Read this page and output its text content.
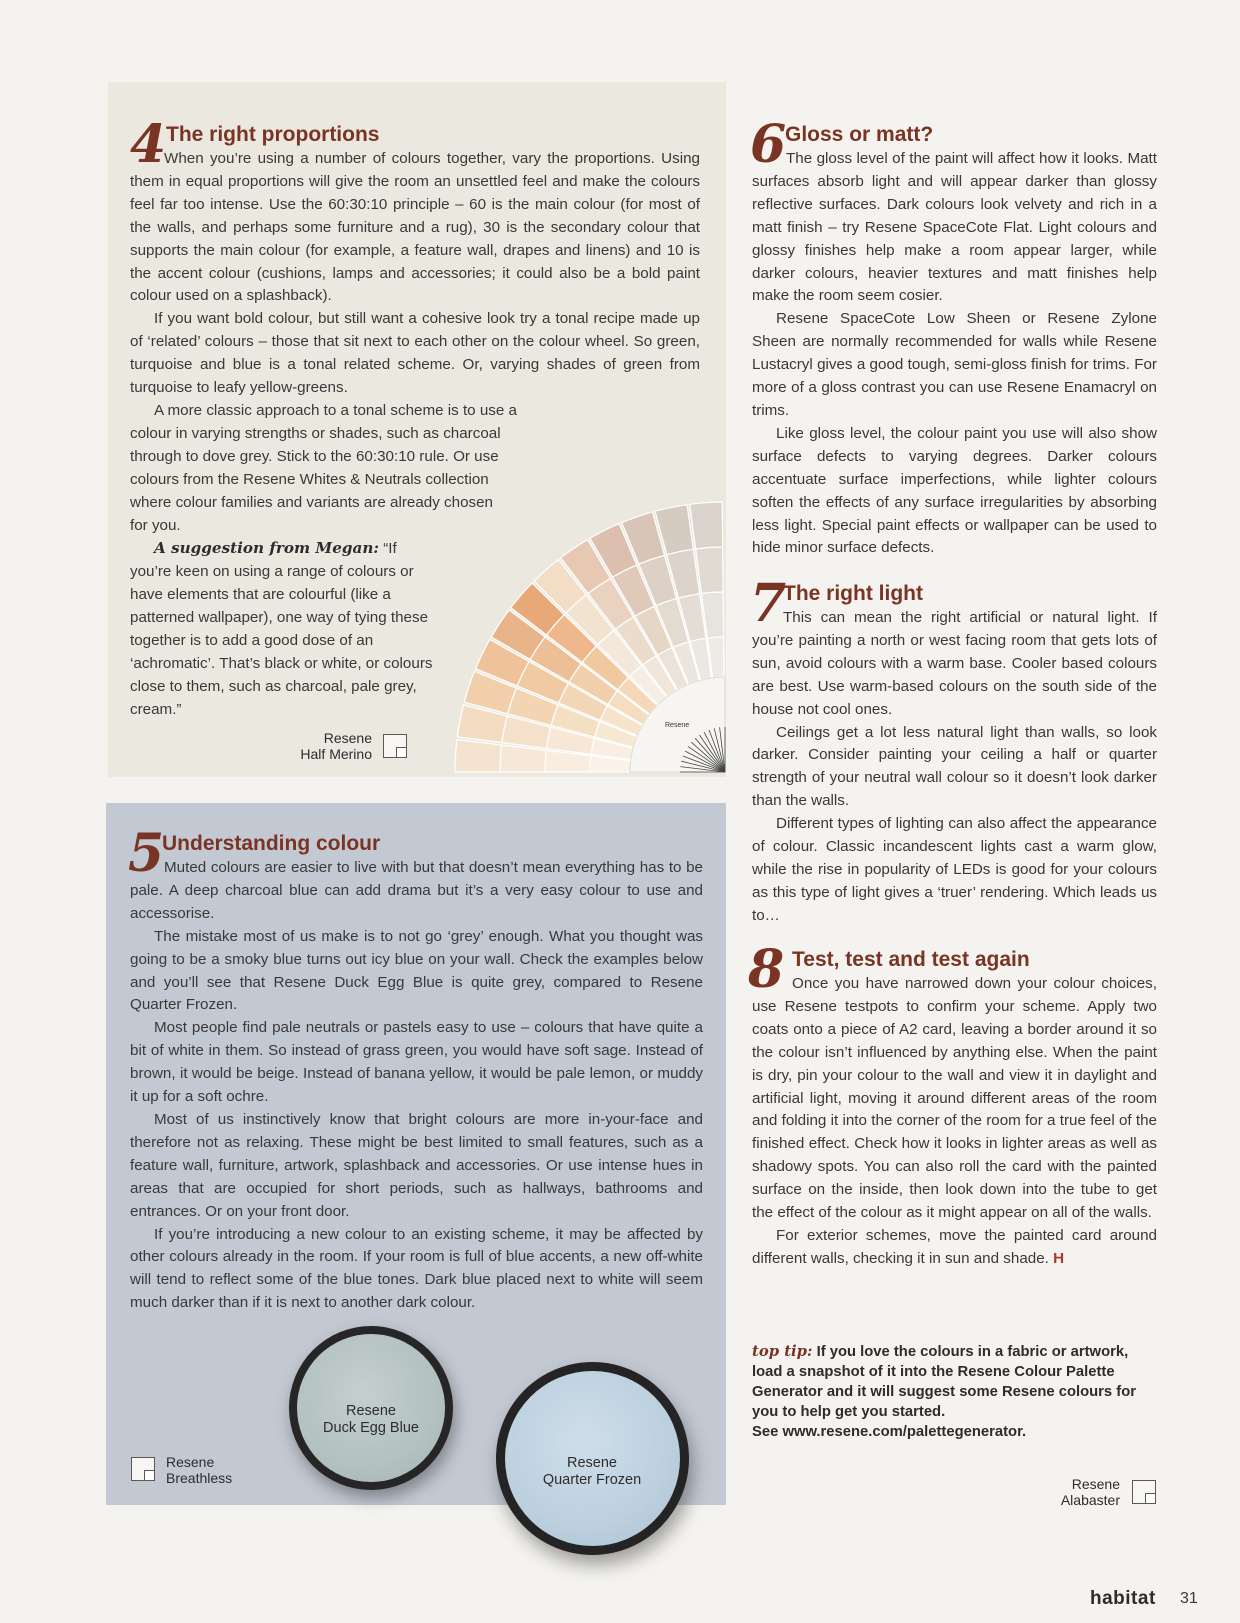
Resene
4 The right proportions

When you’re using a number of colours together, vary the proportions. Using them in equal proportions will give the room an unsettled feel and make the colours feel far too intense. Use the 60:30:10 principle – 60 is the main colour (for most of the walls, and perhaps some furniture and a rug), 30 is the secondary colour that supports the main colour (for example, a feature wall, drapes and linens) and 10 is the accent colour (cushions, lamps and accessories; it could also be a bold paint colour used on a splashback).

If you want bold colour, but still want a cohesive look try a tonal recipe made up of ‘related’ colours – those that sit next to each other on the colour wheel. So green, turquoise and blue is a tonal related scheme. Or, varying shades of green from turquoise to leafy yellow-greens.

A more classic approach to a tonal scheme is to use a colour in varying strengths or shades, such as charcoal through to dove grey. Stick to the 60:30:10 rule. Or use colours from the Resene Whites & Neutrals collection where colour families and variants are already chosen

for you.

A suggestion from Megan: “If you’re keen on using a range of colours or have elements that are colourful (like a patterned wallpaper), one way of tying these together is to add a good dose of an ‘achromatic’. That’s black or white, or colours close to them, such as charcoal, pale grey, cream.”

Resene
Half Merino
5
Understanding colour

Muted colours are easier to live with but that doesn’t mean everything has to be pale. A deep charcoal blue can add drama but it’s a very easy colour to use and accessorise.

The mistake most of us make is to not go ‘grey’ enough. What you thought was going to be a smoky blue turns out icy blue on your wall. Check the examples below and you’ll see that Resene Duck Egg Blue is quite grey, compared to Resene Quarter Frozen.

Most people find pale neutrals or pastels easy to use – colours that have quite a bit of white in them. So instead of grass green, you would have soft sage. Instead of brown, it would be beige. Instead of banana yellow, it would be pale lemon, or muddy it up for a soft ochre.

Most of us instinctively know that bright colours are more in-your-face and therefore not as relaxing. These might be best limited to small features, such as a feature wall, furniture, artwork, splashback and accessories. Or use intense hues in areas that are occupied for short periods, such as hallways, bathrooms and entrances. Or on your front door.

If you’re introducing a new colour to an existing scheme, it may be affected by other colours already in the room. If your room is full of blue accents, a new off-white will tend to reflect some of the blue tones. Dark blue placed next to white will seem much darker than if it is next to another dark colour.

Resene
Duck Egg Blue
Resene
Quarter Frozen
Resene
Breathless
6
Gloss or matt?

The gloss level of the paint will affect how it looks. Matt surfaces absorb light and will appear darker than glossy reflective surfaces. Dark colours look velvety and rich in a matt finish – try Resene SpaceCote Flat. Light colours and glossy finishes help make a room appear larger, while darker colours, heavier textures and matt finishes help make the room seem cosier.

Resene SpaceCote Low Sheen or Resene Zylone Sheen are normally recommended for walls while Resene Lustacryl gives a good tough, semi-gloss finish for trims. For more of a gloss contrast you can use Resene Enamacryl on trims.

Like gloss level, the colour paint you use will also show surface defects to varying degrees. Darker colours accentuate surface imperfections, while lighter colours soften the effects of any surface irregularities by absorbing less light. Special paint effects or wallpaper can be used to hide minor surface defects.

7
The right light

This can mean the right artificial or natural light. If you’re painting a north or west facing room that gets lots of sun, avoid colours with a warm base. Cooler based colours are best. Use warm-based colours on the south side of the house not cool ones.

Ceilings get a lot less natural light than walls, so look darker. Consider painting your ceiling a half or quarter strength of your neutral wall colour so it doesn’t look darker than the walls.

Different types of lighting can also affect the appearance of colour. Classic incandescent lights cast a warm glow, while the rise in popularity of LEDs is good for your colours as this type of light gives a ‘truer’ rendering. Which leads us to…

8 Test, test and test again

Once you have narrowed down your colour choices, use Resene testpots to confirm your scheme. Apply two coats onto a piece of A2 card, leaving a border around it so the colour isn’t influenced by anything else. When the paint is dry, pin your colour to the wall and view it in daylight and artificial light, moving it around different areas of the room and folding it into the corner of the room for a true feel of the finished effect. Check how it looks in lighter areas as well as shadowy spots. You can also roll the card with the painted surface on the inside, then look down into the tube to get the effect of the colour as it might appear on all of the walls.

For exterior schemes, move the painted card around different walls, checking it in sun and shade. H

top tip: If you love the colours in a fabric or artwork, load a snapshot of it into the Resene Colour Palette Generator and it will suggest some Resene colours for you to help get you started.
See www.resene.com/palettegenerator.
Resene
Alabaster
habitat 31
